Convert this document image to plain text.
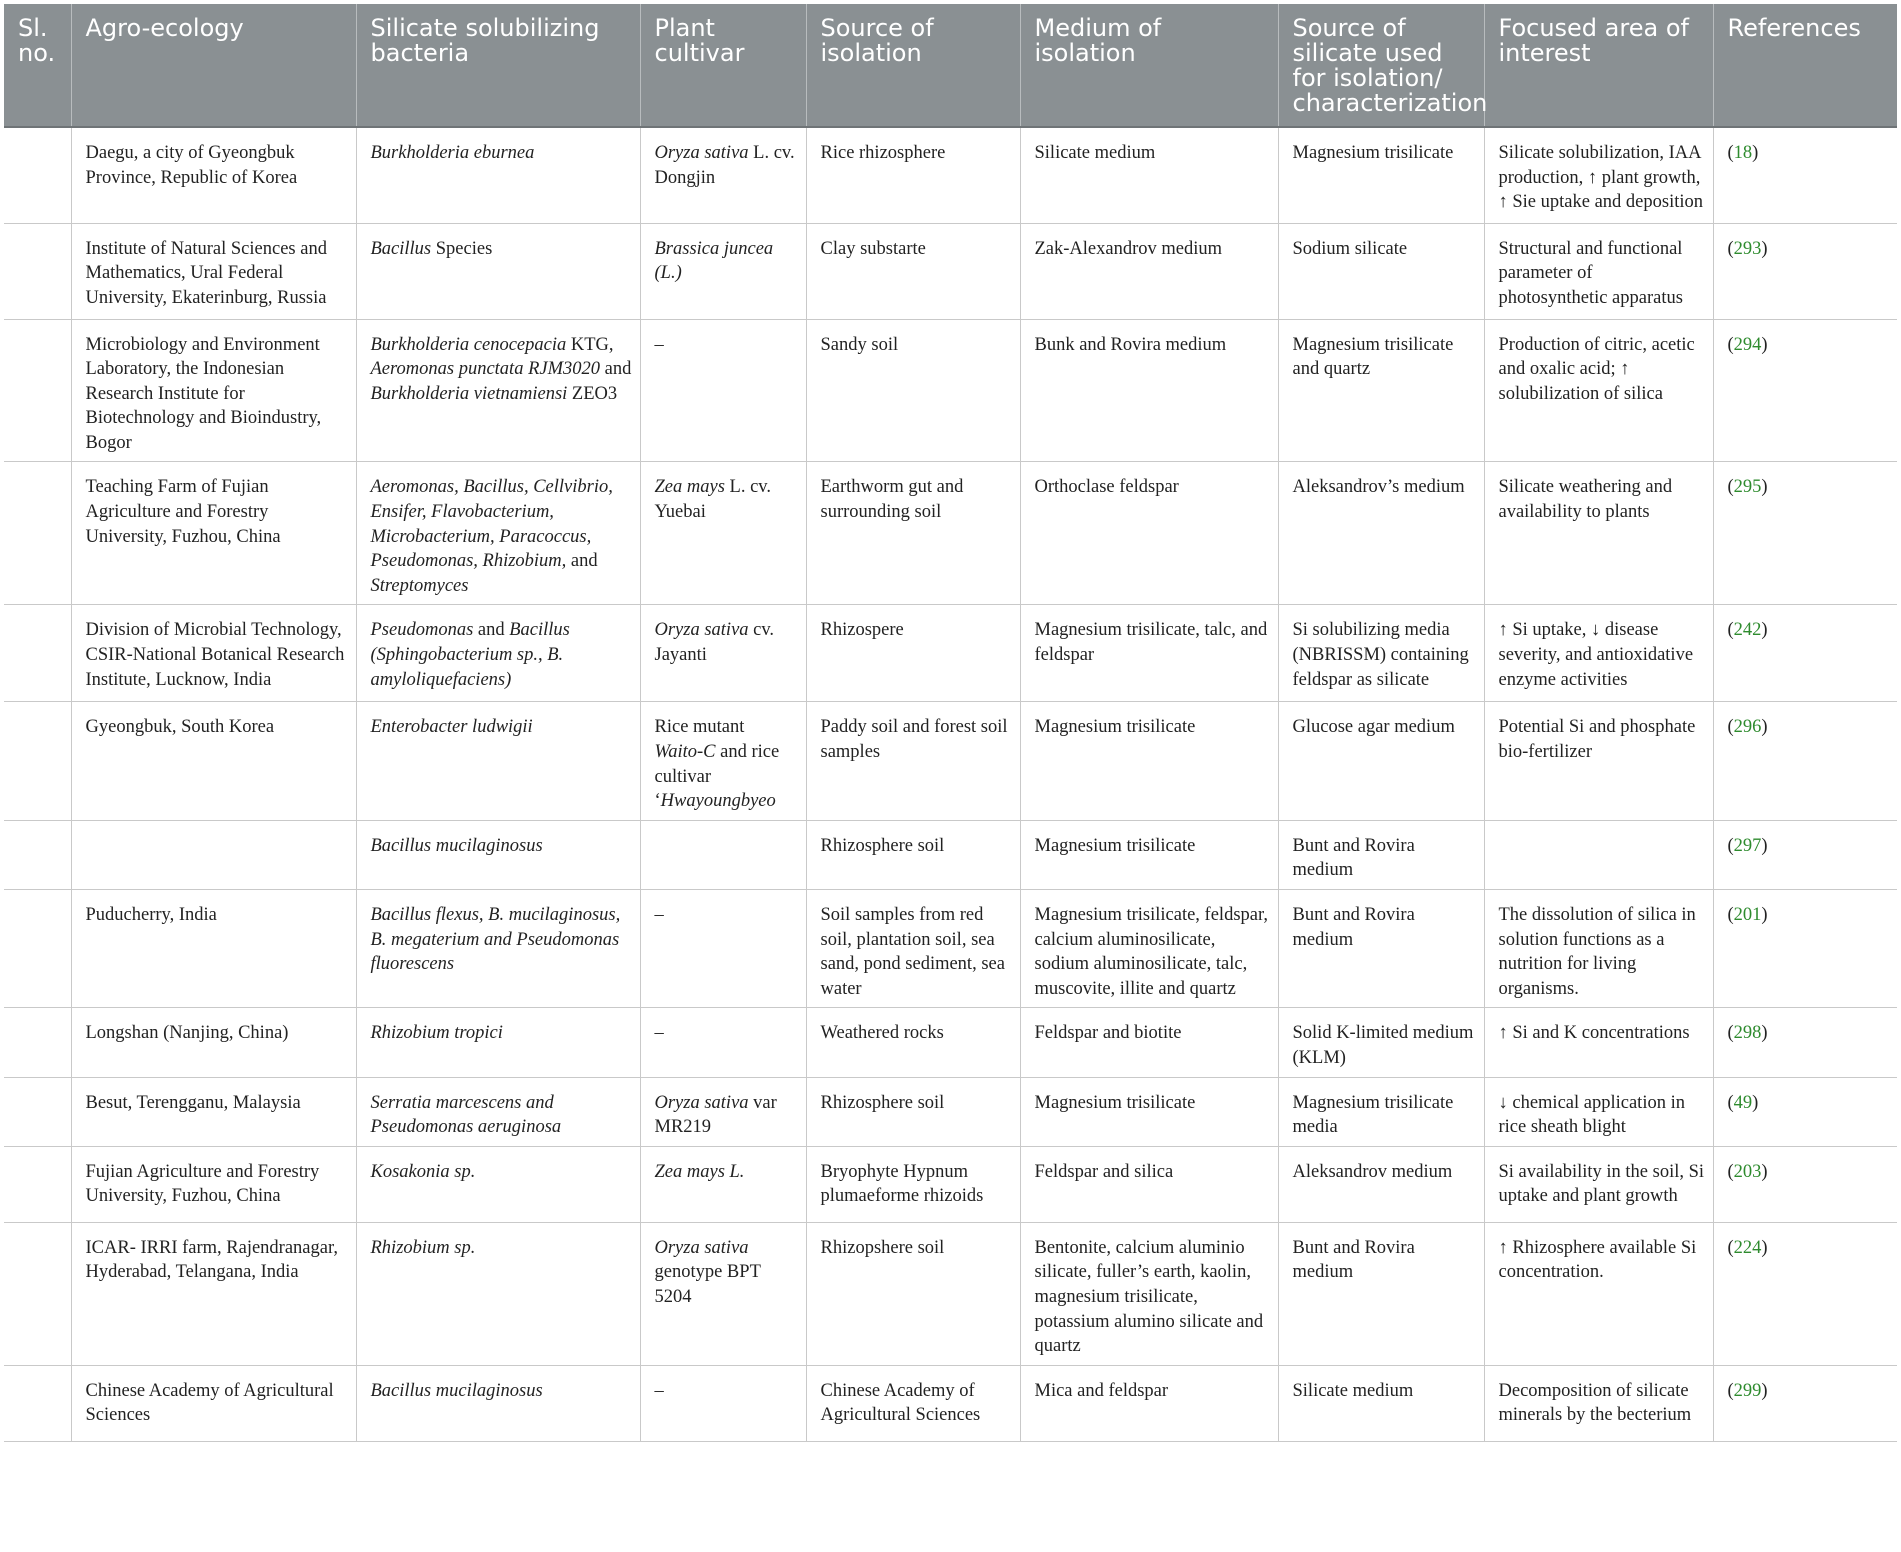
Sl. no.	Agro-ecology	Silicate solubilizing bacteria	Plant cultivar	Source of isolation	Medium of isolation	Source of silicate used for isolation/ characterization	Focused area of interest	References
	Daegu, a city of Gyeongbuk Province, Republic of Korea	Burkholderia eburnea	Oryza sativa L. cv. Dongjin	Rice rhizosphere	Silicate medium	Magnesium trisilicate	Silicate solubilization, IAA production, ↑ plant growth, ↑ Sie uptake and deposition	(18)
	Institute of Natural Sciences and Mathematics, Ural Federal University, Ekaterinburg, Russia	Bacillus Species	Brassica juncea (L.)	Clay substarte	Zak-Alexandrov medium	Sodium silicate	Structural and functional parameter of photosynthetic apparatus	(293)
	Microbiology and Environment Laboratory, the Indonesian Research Institute for Biotechnology and Bioindustry, Bogor	Burkholderia cenocepacia KTG, Aeromonas punctata RJM3020 and Burkholderia vietnamiensi ZEO3	–	Sandy soil	Bunk and Rovira medium	Magnesium trisilicate and quartz	Production of citric, acetic and oxalic acid; ↑ solubilization of silica	(294)
	Teaching Farm of Fujian Agriculture and Forestry University, Fuzhou, China	Aeromonas, Bacillus, Cellvibrio, Ensifer, Flavobacterium, Microbacterium, Paracoccus, Pseudomonas, Rhizobium, and Streptomyces	Zea mays L. cv. Yuebai	Earthworm gut and surrounding soil	Orthoclase feldspar	Aleksandrov’s medium	Silicate weathering and availability to plants	(295)
	Division of Microbial Technology, CSIR-National Botanical Research Institute, Lucknow, India	Pseudomonas and Bacillus (Sphingobacterium sp., B. amyloliquefaciens)	Oryza sativa cv. Jayanti	Rhizospere	Magnesium trisilicate, talc, and feldspar	Si solubilizing media (NBRISSM) containing feldspar as silicate	↑ Si uptake, ↓ disease severity, and antioxidative enzyme activities	(242)
	Gyeongbuk, South Korea	Enterobacter ludwigii	Rice mutant Waito-C and rice cultivar ‘Hwayoungbyeo	Paddy soil and forest soil samples	Magnesium trisilicate	Glucose agar medium	Potential Si and phosphate bio-fertilizer	(296)
		Bacillus mucilaginosus		Rhizosphere soil	Magnesium trisilicate	Bunt and Rovira medium		(297)
	Puducherry, India	Bacillus flexus, B. mucilaginosus, B. megaterium and Pseudomonas fluorescens	–	Soil samples from red soil, plantation soil, sea sand, pond sediment, sea water	Magnesium trisilicate, feldspar, calcium aluminosilicate, sodium aluminosilicate, talc, muscovite, illite and quartz	Bunt and Rovira medium	The dissolution of silica in solution functions as a nutrition for living organisms.	(201)
	Longshan (Nanjing, China)	Rhizobium tropici	–	Weathered rocks	Feldspar and biotite	Solid K-limited medium (KLM)	↑ Si and K concentrations	(298)
	Besut, Terengganu, Malaysia	Serratia marcescens and Pseudomonas aeruginosa	Oryza sativa var MR219	Rhizosphere soil	Magnesium trisilicate	Magnesium trisilicate media	↓ chemical application in rice sheath blight	(49)
	Fujian Agriculture and Forestry University, Fuzhou, China	Kosakonia sp.	Zea mays L.	Bryophyte Hypnum plumaeforme rhizoids	Feldspar and silica	Aleksandrov medium	Si availability in the soil, Si uptake and plant growth	(203)
	ICAR- IRRI farm, Rajendranagar, Hyderabad, Telangana, India	Rhizobium sp.	Oryza sativa genotype BPT 5204	Rhizopshere soil	Bentonite, calcium aluminio silicate, fuller’s earth, kaolin, magnesium trisilicate, potassium alumino silicate and quartz	Bunt and Rovira medium	↑ Rhizosphere available Si concentration.	(224)
	Chinese Academy of Agricultural Sciences	Bacillus mucilaginosus	–	Chinese Academy of Agricultural Sciences	Mica and feldspar	Silicate medium	Decomposition of silicate minerals by the becterium	(299)
